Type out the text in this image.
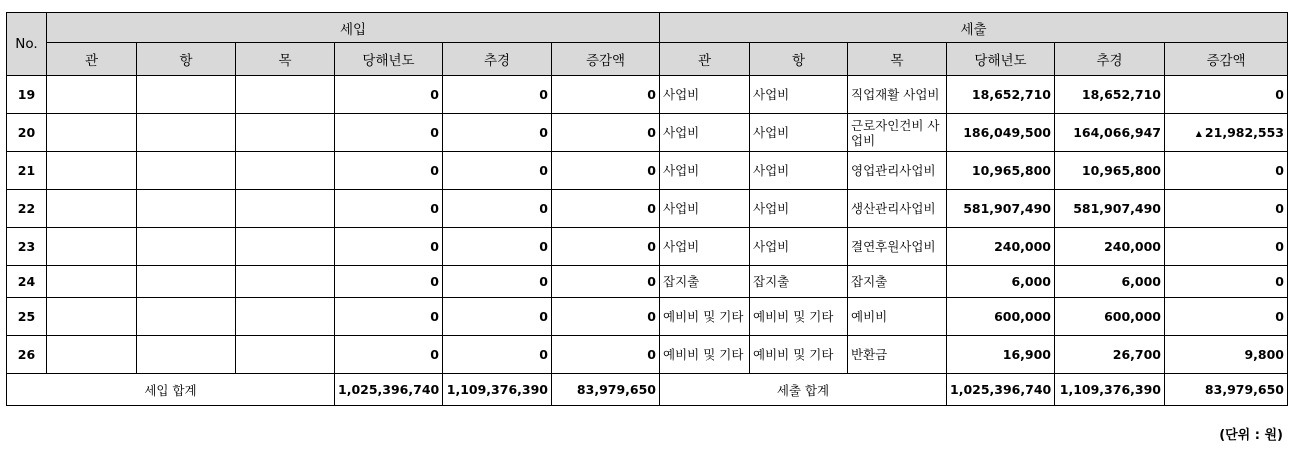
No.	세입						세출					
	관	항	목	당해년도	추경	증감액	관	항	목	당해년도	추경	증감액
19				0	0	0	사업비	사업비	직업재활 사업비	18,652,710	18,652,710	0
20				0	0	0	사업비	사업비	근로자인건비 사업비	186,049,500	164,066,947	▲ 21,982,553
21				0	0	0	사업비	사업비	영업관리사업비	10,965,800	10,965,800	0
22				0	0	0	사업비	사업비	생산관리사업비	581,907,490	581,907,490	0
23				0	0	0	사업비	사업비	결연후원사업비	240,000	240,000	0
24				0	0	0	잡지출	잡지출	잡지출	6,000	6,000	0
25				0	0	0	예비비 및 기타	예비비 및 기타	예비비	600,000	600,000	0
26				0	0	0	예비비 및 기타	예비비 및 기타	반환금	16,900	26,700	9,800
세입 합계				1,025,396,740	1,109,376,390	83,979,650	세출 합계			1,025,396,740	1,109,376,390	83,979,650
(단위 : 원)
